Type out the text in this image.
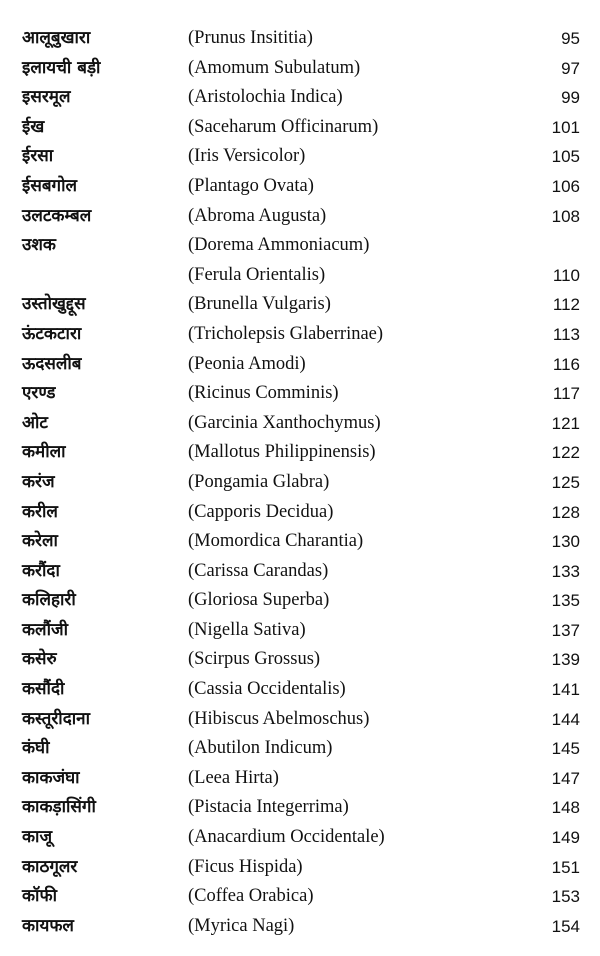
आलूबुखारा	(Prunus Insititia)	95
इलायची बड़ी	(Amomum Subulatum)	97
इसरमूल	(Aristolochia Indica)	99
ईख	(Saceharum Officinarum)	101
ईरसा	(Iris Versicolor)	105
ईसबगोल	(Plantago Ovata)	106
उलटकम्बल	(Abroma Augusta)	108
उशक	(Dorema Ammoniacum)
(Ferula Orientalis)	110
उस्तोखुद्दूस	(Brunella Vulgaris)	112
ऊंटकटारा	(Tricholepsis Glaberrinae)	113
ऊदसलीब	(Peonia Amodi)	116
एरण्ड	(Ricinus Comminis)	117
ओट	(Garcinia Xanthochymus)	121
कमीला	(Mallotus Philippinensis)	122
करंज	(Pongamia Glabra)	125
करील	(Capporis Decidua)	128
करेला	(Momordica Charantia)	130
करौंदा	(Carissa Carandas)	133
कलिहारी	(Gloriosa Superba)	135
कलौंजी	(Nigella Sativa)	137
कसेरु	(Scirpus Grossus)	139
कसौंदी	(Cassia Occidentalis)	141
कस्तूरीदाना	(Hibiscus Abelmoschus)	144
कंघी	(Abutilon Indicum)	145
काकजंघा	(Leea Hirta)	147
काकड़ासिंगी	(Pistacia Integerrima)	148
काजू	(Anacardium Occidentale)	149
काठगूलर	(Ficus Hispida)	151
कॉफी	(Coffea Orabica)	153
कायफल	(Myrica Nagi)	154
